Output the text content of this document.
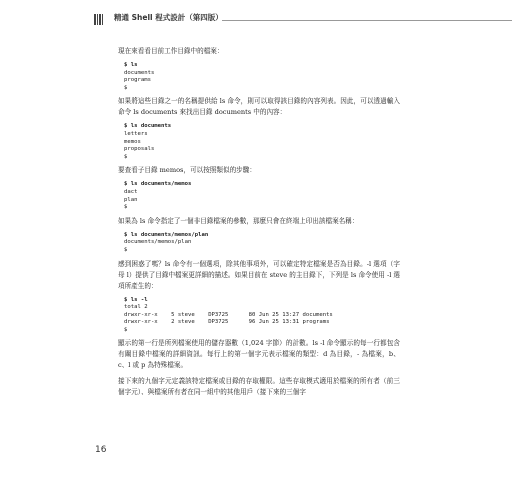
精通 Shell 程式設計（第四版）

現在來看看目前工作目錄中的檔案：

$ ls
documents
programs
$

如果將這些目錄之一的名稱提供給 ls 命令，則可以取得該目錄的內容列表。因此，可以透過輸入命令 ls documents 來找出目錄 documents 中的內容：

$ ls documents
letters
memos
proposals
$

要查看子目錄 memos，可以按照類似的步驟：

$ ls documents/memos
dact
plan
$

如果為 ls 命令指定了一個非目錄檔案的參數，那麼只會在終端上印出該檔案名稱：

$ ls documents/memos/plan
documents/memos/plan
$

感到困惑了嗎？ls 命令有一個選項，除其他事項外，可以確定特定檔案是否為目錄。-l 選項（字母 l）提供了目錄中檔案更詳細的描述。如果目前在 steve 的主目錄下，下列是 ls 命令使用 -l 選項所產生的：

$ ls -l
total 2
drwxr-xr-x    5 steve    DP3725      80 Jun 25 13:27 documents
drwxr-xr-x    2 steve    DP3725      96 Jun 25 13:31 programs
$

顯示的第一行是所列檔案使用的儲存器數（1,024 字節）的計數。ls -l 命令顯示的每一行都包含有關目錄中檔案的詳細資訊。每行上的第一個字元表示檔案的類型：d 為目錄，- 為檔案，b、c、l 或 p 為特殊檔案。

接下來的九個字元定義該特定檔案或目錄的存取權限。這些存取模式適用於檔案的所有者（前三個字元）、與檔案所有者在同一組中的其他用戶（接下來的三個字

16
